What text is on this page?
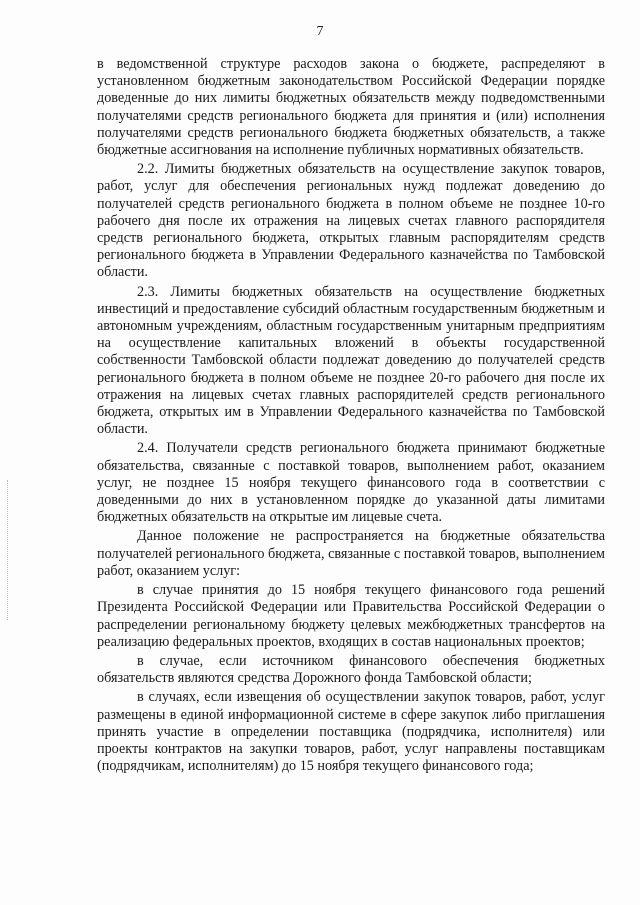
7

в ведомственной структуре расходов закона о бюджете, распределяют в установленном бюджетным законодательством Российской Федерации порядке доведенные до них лимиты бюджетных обязательств между подведомственными получателями средств регионального бюджета для принятия и (или) исполнения получателями средств регионального бюджета бюджетных обязательств, а также бюджетные ассигнования на исполнение публичных нормативных обязательств.

2.2. Лимиты бюджетных обязательств на осуществление закупок товаров, работ, услуг для обеспечения региональных нужд подлежат доведению до получателей средств регионального бюджета в полном объеме не позднее 10-го рабочего дня после их отражения на лицевых счетах главного распорядителя средств регионального бюджета, открытых главным распорядителям средств регионального бюджета в Управлении Федерального казначейства по Тамбовской области.

2.3. Лимиты бюджетных обязательств на осуществление бюджетных инвестиций и предоставление субсидий областным государственным бюджетным и автономным учреждениям, областным государственным унитарным предприятиям на осуществление капитальных вложений в объекты государственной собственности Тамбовской области подлежат доведению до получателей средств регионального бюджета в полном объеме не позднее 20-го рабочего дня после их отражения на лицевых счетах главных распорядителей средств регионального бюджета, открытых им в Управлении Федерального казначейства по Тамбовской области.

2.4. Получатели средств регионального бюджета принимают бюджетные обязательства, связанные с поставкой товаров, выполнением работ, оказанием услуг, не позднее 15 ноября текущего финансового года в соответствии с доведенными до них в установленном порядке до указанной даты лимитами бюджетных обязательств на открытые им лицевые счета.

Данное положение не распространяется на бюджетные обязательства получателей регионального бюджета, связанные с поставкой товаров, выполнением работ, оказанием услуг:

в случае принятия до 15 ноября текущего финансового года решений Президента Российской Федерации или Правительства Российской Федерации о распределении региональному бюджету целевых межбюджетных трансфертов на реализацию федеральных проектов, входящих в состав национальных проектов;

в случае, если источником финансового обеспечения бюджетных обязательств являются средства Дорожного фонда Тамбовской области;

в случаях, если извещения об осуществлении закупок товаров, работ, услуг размещены в единой информационной системе в сфере закупок либо приглашения принять участие в определении поставщика (подрядчика, исполнителя) или проекты контрактов на закупки товаров, работ, услуг направлены поставщикам (подрядчикам, исполнителям) до 15 ноября текущего финансового года;
